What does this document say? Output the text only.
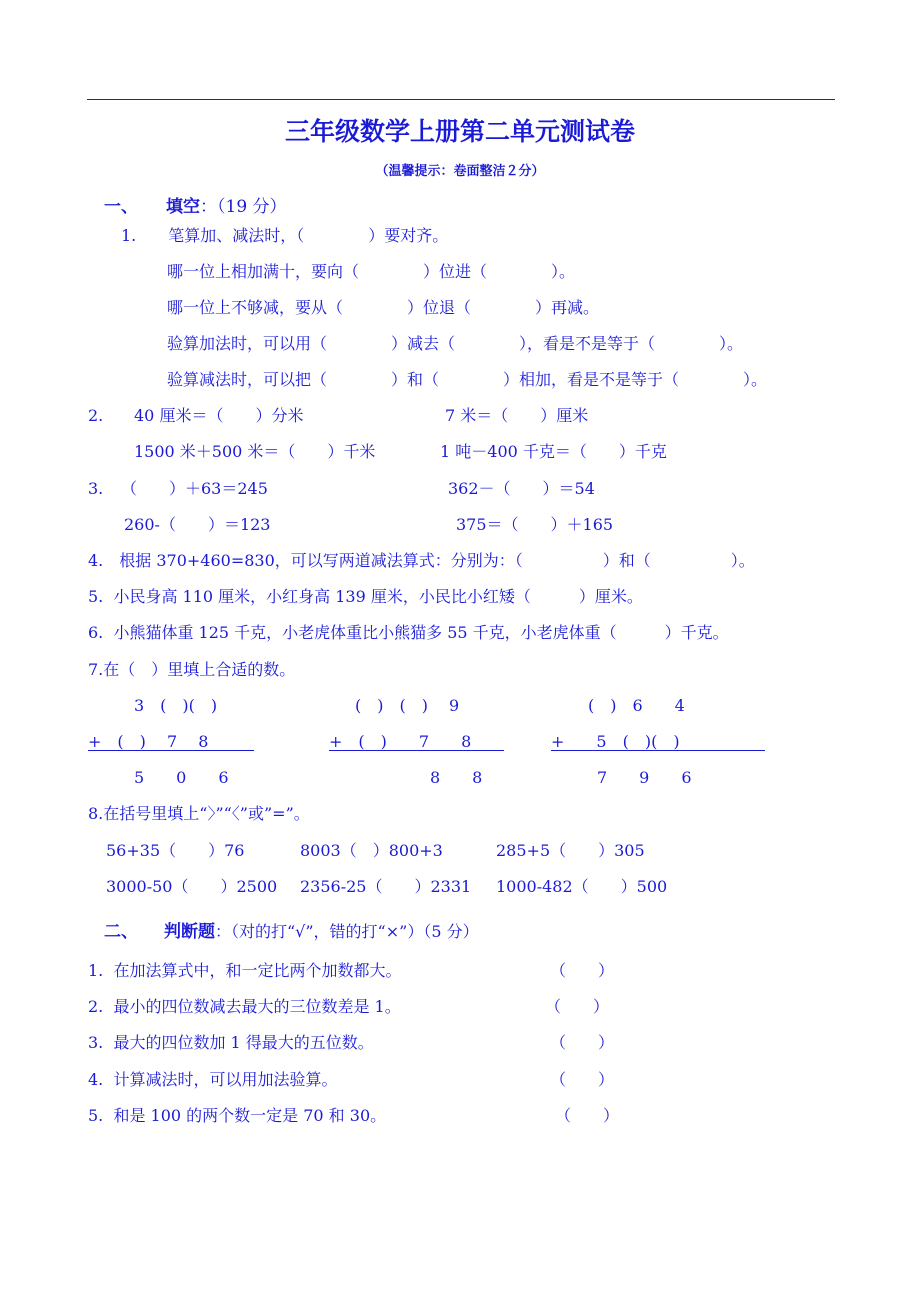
三年级数学上册第二单元测试卷
（温馨提示：卷面整洁２分）
一、 填空：（19 分）
1.　　笔算加、减法时，（　　　　）要对齐。
哪一位上相加满十，要向（　　　　）位进（　　　　）。
哪一位上不够减，要从（　　　　）位退（　　　　）再减。
验算加法时，可以用（　　　　）减去（　　　　），看是不是等于（　　　　）。
验算减法时，可以把（　　　　）和（　　　　）相加，看是不是等于（　　　　）。
2. 40 厘米＝（　　）分米	7 米＝（　　）厘米
1500 米＋500 米＝（　　）千米	1 吨－400 千克＝（　　）千克
3. （　　）＋63＝245	362－（　　）＝54
260-（　　）＝123	375＝（　　）＋165
4.　根据 370+460=830，可以写两道减法算式：分别为：（　　　　　）和（　　　　　）。
5.  小民身高 110 厘米，小红身高 139 厘米，小民比小红矮（　　　）厘米。
6.  小熊猫体重 125 千克，小老虎体重比小熊猫多 55 千克，小老虎体重（　　　）千克。
7.在（　）里填上合适的数。
3　(　)(　)
+　(　)　 7　 8
5　　0　　6
(　)　(　)　 9
+　(　)　　7　　8
8　　8
(　)　6　　4
+　　5　(　)(　)
7　　9　　6
8.在括号里填上“〉”“〈”或”=”。
56+35（　　）76	8003（　）800+3	285+5（　　）305
3000-50（　　）2500 2356-25（　　）2331 1000-482（　　）500
二、 判断题：（对的打“√”，错的打“×”）（5 分）
1.  在加法算式中，和一定比两个加数都大。	（　　）
2.  最小的四位数减去最大的三位数差是 1。	（　　）
3.  最大的四位数加 1 得最大的五位数。	（　　）
4.  计算减法时，可以用加法验算。	（　　）
5.  和是 100 的两个数一定是 70 和 30。	（　　）
